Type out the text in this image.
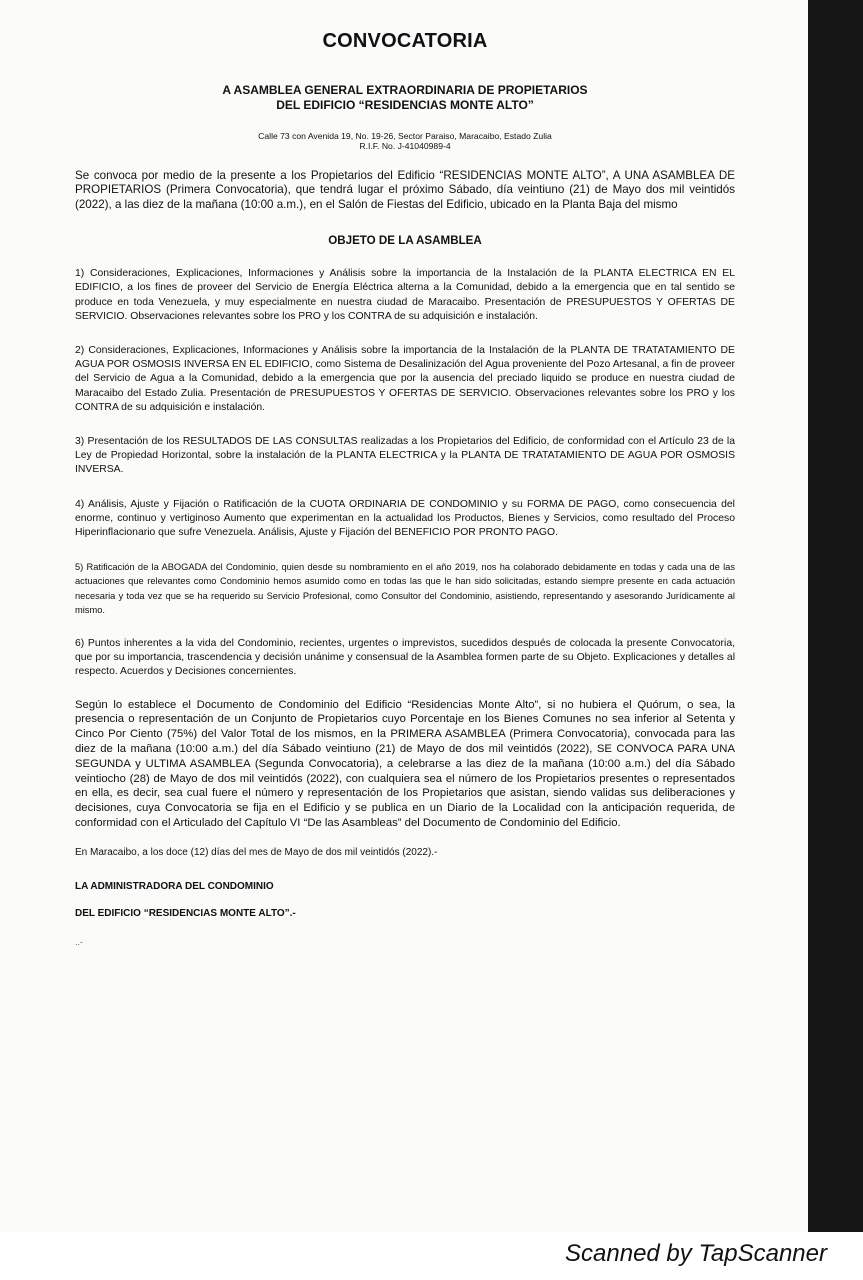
CONVOCATORIA
A ASAMBLEA GENERAL EXTRAORDINARIA DE PROPIETARIOS
DEL EDIFICIO “RESIDENCIAS MONTE ALTO”
Calle 73 con Avenida 19, No. 19-26, Sector Paraiso, Maracaibo, Estado Zulia
R.I.F. No. J-41040989-4

Se convoca por medio de la presente a los Propietarios del Edificio “RESIDENCIAS MONTE ALTO”, A UNA ASAMBLEA DE PROPIETARIOS (Primera Convocatoria), que tendrá lugar el próximo Sábado, día veintiuno (21) de Mayo dos mil veintidós (2022), a las diez de la mañana (10:00 a.m.), en el Salón de Fiestas del Edificio, ubicado en la Planta Baja del mismo

OBJETO DE LA ASAMBLEA

1) Consideraciones, Explicaciones, Informaciones y Análisis sobre la importancia de la Instalación de la PLANTA ELECTRICA EN EL EDIFICIO, a los fines de proveer del Servicio de Energía Eléctrica alterna a la Comunidad, debido a la emergencia que en tal sentido se produce en toda Venezuela, y muy especialmente en nuestra ciudad de Maracaibo. Presentación de PRESUPUESTOS Y OFERTAS DE SERVICIO. Observaciones relevantes sobre los PRO y los CONTRA de su adquisición e instalación.

2) Consideraciones, Explicaciones, Informaciones y Análisis sobre la importancia de la Instalación de la PLANTA DE TRATATAMIENTO DE AGUA POR OSMOSIS INVERSA EN EL EDIFICIO, como Sistema de Desalinización del Agua proveniente del Pozo Artesanal, a fin de proveer del Servicio de Agua a la Comunidad, debido a la emergencia que por la ausencia del preciado liquido se produce en nuestra ciudad de Maracaibo del Estado Zulia. Presentación de PRESUPUESTOS Y OFERTAS DE SERVICIO. Observaciones relevantes sobre los PRO y los CONTRA de su adquisición e instalación.

3) Presentación de los RESULTADOS DE LAS CONSULTAS realizadas a los Propietarios del Edificio, de conformidad con el Artículo 23 de la Ley de Propiedad Horizontal, sobre la instalación de la PLANTA ELECTRICA y la PLANTA DE TRATATAMIENTO DE AGUA POR OSMOSIS INVERSA.

4) Análisis, Ajuste y Fijación o Ratificación de la CUOTA ORDINARIA DE CONDOMINIO y su FORMA DE PAGO, como consecuencia del enorme, continuo y vertiginoso Aumento que experimentan en la actualidad los Productos, Bienes y Servicios, como resultado del Proceso Hiperinflacionario que sufre Venezuela. Análisis, Ajuste y Fijación del BENEFICIO POR PRONTO PAGO.

5) Ratificación de la ABOGADA del Condominio, quien desde su nombramiento en el año 2019, nos ha colaborado debidamente en todas y cada una de las actuaciones que relevantes como Condominio hemos asumido como en todas las que le han sido solicitadas, estando siempre presente en cada actuación necesaria y toda vez que se ha requerido su Servicio Profesional, como Consultor del Condominio, asistiendo, representando y asesorando Jurídicamente al mismo.

6) Puntos inherentes a la vida del Condominio, recientes, urgentes o imprevistos, sucedidos después de colocada la presente Convocatoria, que por su importancia, trascendencia y decisión unánime y consensual de la Asamblea formen parte de su Objeto. Explicaciones y detalles al respecto. Acuerdos y Decisiones concernientes.

Según lo establece el Documento de Condominio del Edificio “Residencias Monte Alto”, si no hubiera el Quórum, o sea, la presencia o representación de un Conjunto de Propietarios cuyo Porcentaje en los Bienes Comunes no sea inferior al Setenta y Cinco Por Ciento (75%) del Valor Total de los mismos, en la PRIMERA ASAMBLEA (Primera Convocatoria), convocada para las diez de la mañana (10:00 a.m.) del día Sábado veintiuno (21) de Mayo de dos mil veintidós (2022), SE CONVOCA PARA UNA SEGUNDA y ULTIMA ASAMBLEA (Segunda Convocatoria), a celebrarse a las diez de la mañana (10:00 a.m.) del día Sábado veintiocho (28) de Mayo de dos mil veintidós (2022), con cualquiera sea el número de los Propietarios presentes o representados en ella, es decir, sea cual fuere el número y representación de los Propietarios que asistan, siendo validas sus deliberaciones y decisiones, cuya Convocatoria se fija en el Edificio y se publica en un Diario de la Localidad con la anticipación requerida, de conformidad con el Articulado del Capítulo VI “De las Asambleas” del Documento de Condominio del Edificio.

En Maracaibo, a los doce (12) días del mes de Mayo de dos mil veintidós (2022).-

LA ADMINISTRADORA DEL CONDOMINIO
DEL EDIFICIO “RESIDENCIAS MONTE ALTO”.-
..-
Scanned by TapScanner
